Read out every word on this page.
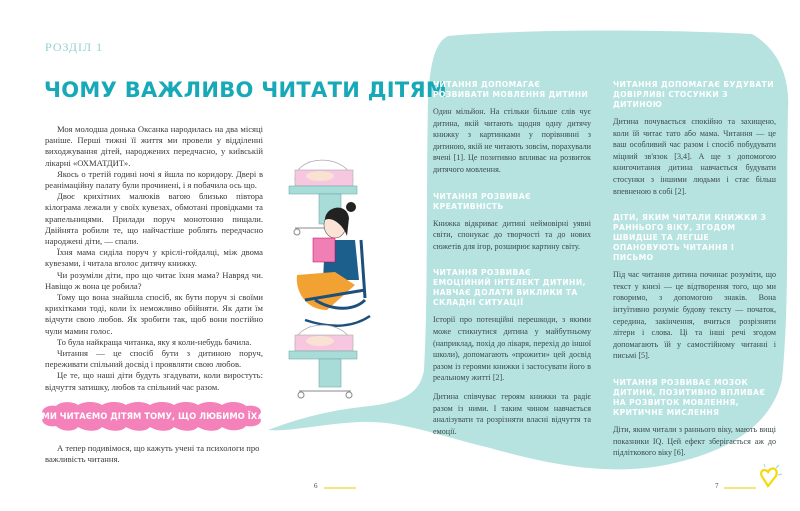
РОЗДІЛ 1
ЧОМУ ВАЖЛИВО ЧИТАТИ ДІТЯМ

Моя молодша донька Оксанка народилась на два місяці раніше. Перші тижні її життя ми провели у відділенні виходжування дітей, народжених передчасно, у київській лікарні «ОХМАТДИТ».

Якось о третій годині ночі я йшла по коридору. Двері в реанімаційну палату були прочинені, і я побачила ось що.

Двоє крихітних малюків вагою близько півтора кілограма лежали у своїх кувезах, обмотані провідками та крапельницями. Прилади поруч монотонно пищали. Двійнята робили те, що найчастіше роблять передчасно народжені діти, — спали.

Їхня мама сиділа поруч у кріслі-гойдалці, між двома кувезами, і читала вголос дитячу книжку.

Чи розуміли діти, про що читає їхня мама? Навряд чи. Навіщо ж вона це робила?

Тому що вона знайшла спосіб, як бути поруч зі своїми крихітками тоді, коли їх неможливо обійняти. Як дати їм відчути свою любов. Як зробити так, щоб вони постійно чули мамин голос.

То була найкраща читанка, яку я коли-небудь бачила.

Читання — це спосіб бути з дитиною поруч, переживати спільний досвід і проявляти свою любов.

Це те, що наші діти будуть згадувати, коли виростуть: відчуття затишку, любов та спільний час разом.

МИ ЧИТАЄМО ДІТЯМ ТОМУ, ЩО ЛЮБИМО ЇХ.

А тепер подивімося, що кажуть учені та психологи про важливість читання.

ЧИТАННЯ ДОПОМАГАЄ РОЗВИВАТИ МОВЛЕННЯ ДИТИНИ

Один мільйон. На стільки більше слів чує дитина, якій читають щодня одну дитячу книжку з картинками у порівнянні з дитиною, якій не читають зовсім, порахували вчені [1]. Це позитивно впливає на розвиток дитячого мовлення.

ЧИТАННЯ РОЗВИВАЄ КРЕАТИВНІСТЬ

Книжка відкриває дитині неймовірні уявні світи, спонукає до творчості та до нових сюжетів для ігор, розширює картину світу.

ЧИТАННЯ РОЗВИВАЄ ЕМОЦІЙНИЙ ІНТЕЛЕКТ ДИТИНИ, НАВЧАЄ ДОЛАТИ ВИКЛИКИ ТА СКЛАДНІ СИТУАЦІЇ

Історії про потенційні перешкоди, з якими може стикнутися дитина у майбутньому (наприклад, похід до лікаря, перехід до іншої школи), допомагають «прожити» цей досвід разом із героями книжки і застосувати його в реальному житті [2].

Дитина співчуває героям книжки та радіє разом із ними. І таким чином навчається аналізувати та розрізняти власні відчуття та емоції.

ЧИТАННЯ ДОПОМАГАЄ БУДУВАТИ ДОВІРЛИВІ СТОСУНКИ З ДИТИНОЮ

Дитина почувається спокійно та захищено, коли їй читає тато або мама. Читання — це ваш особливий час разом і спосіб побудувати міцний зв'язок [3,4]. А ще з допомогою книгочитання дитина навчається будувати стосунки з іншими людьми і стає більш впевненою в собі [2].

ДІТИ, ЯКИМ ЧИТАЛИ КНИЖКИ З РАННЬОГО ВІКУ, ЗГОДОМ ШВИДШЕ ТА ЛЕГШЕ ОПАНОВУЮТЬ ЧИТАННЯ І ПИСЬМО

Під час читання дитина починає розуміти, що текст у книзі — це відтворення того, що ми говоримо, з допомогою знаків. Вона інтуїтивно розуміє будову тексту — початок, середина, закінчення, вчиться розрізняти літери і слова. Ці та інші речі згодом допомагають їй у самостійному читанні і письмі [5].

ЧИТАННЯ РОЗВИВАЄ МОЗОК ДИТИНИ, ПОЗИТИВНО ВПЛИВАЄ НА РОЗВИТОК МОВЛЕННЯ, КРИТИЧНЕ МИСЛЕННЯ

Діти, яким читали з раннього віку, мають вищі показники IQ. Цей ефект зберігається аж до підліткового віку [6].

6	7
